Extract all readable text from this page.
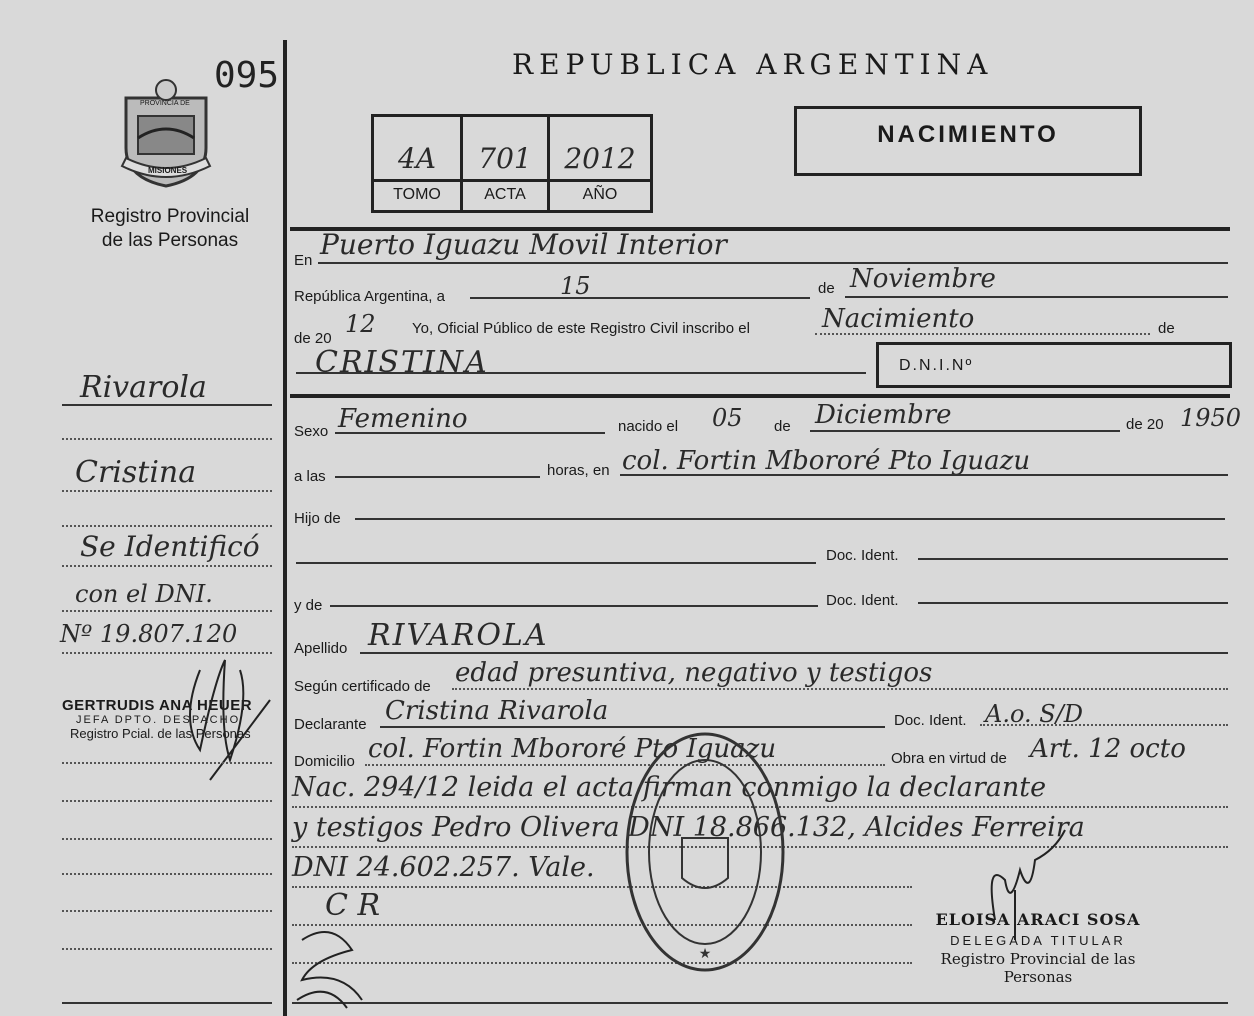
095
PROVINCIA DE
MISIONES
Registro Provincial
de las Personas
Rivarola
Cristina
Se Identificó
con el DNI.
Nº 19.807.120
GERTRUDIS ANA HEUER
JEFA DPTO. DESPACHO
Registro Pcial. de las Personas
REPUBLICA ARGENTINA
4A	701	2012
TOMO	ACTA	AÑO
NACIMIENTO
En Puerto Iguazu Movil Interior
República Argentina, a	15	de Noviembre
de 20
12 Yo, Oficial Público de este Registro Civil inscribo el	Nacimiento	de
CRISTINA	D.N.I.Nº
Sexo Femenino	nacido el 05 de Diciembre	de 20 1950
a las	horas, en col. Fortin Mbororé Pto Iguazu
Hijo de
Doc. Ident.
y de	Doc. Ident.
Apellido RIVAROLA
Según certificado de edad presuntiva, negativo y testigos
Declarante Cristina Rivarola	Doc. Ident. A.o. S/D
Domicilio col. Fortin Mbororé Pto Iguazu	Obra en virtud de Art. 12 octo
Nac. 294/12 leida el acta firman conmigo la declarante
y testigos Pedro Olivera DNI 18.866.132, Alcides Ferreira
DNI 24.602.257. Vale.
C R
★
ELOISA ARACI SOSA
DELEGADA TITULAR
Registro Provincial de las Personas
